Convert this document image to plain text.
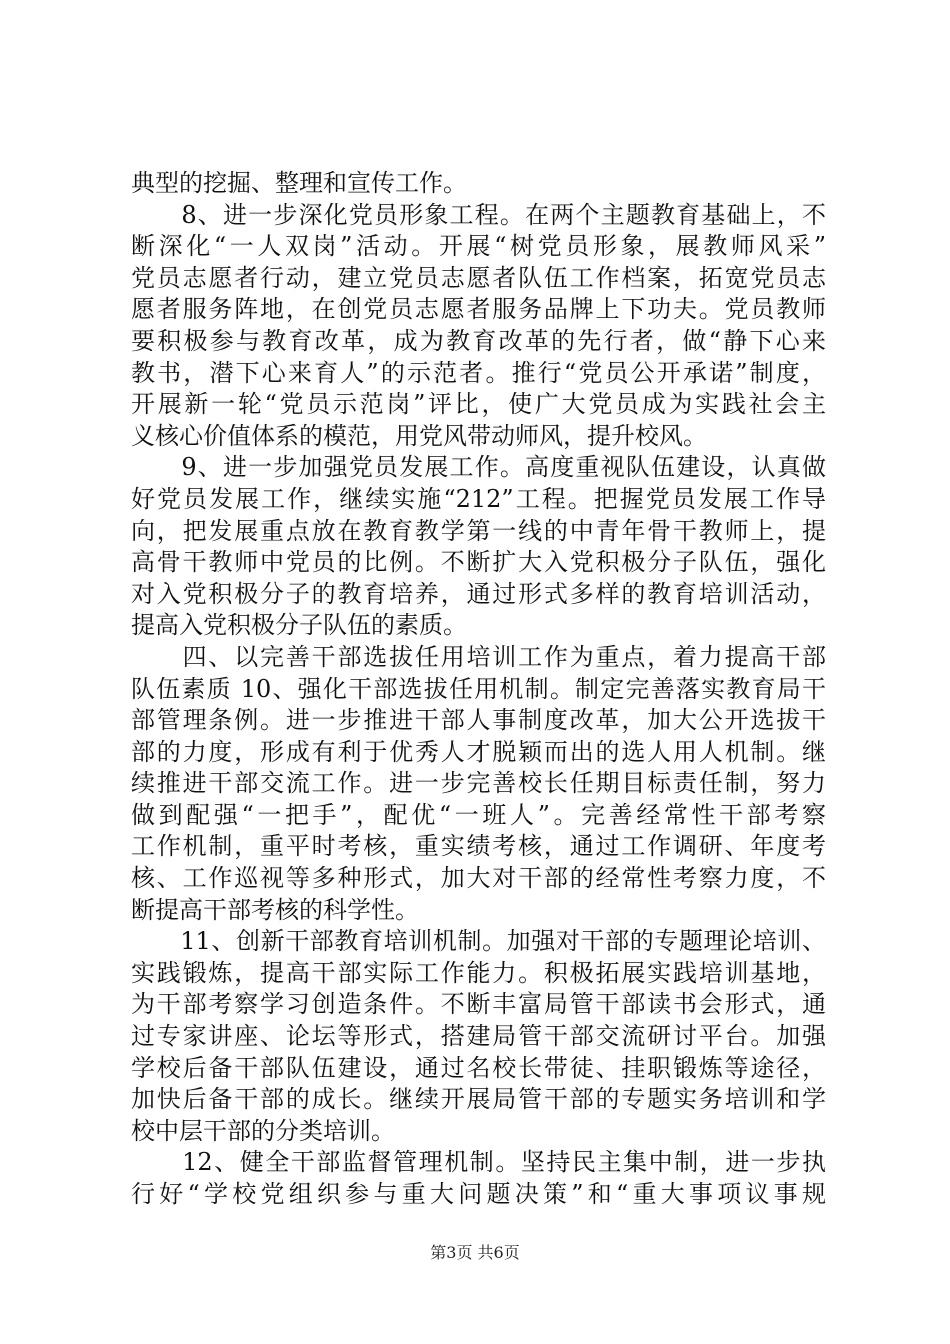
典型的挖掘、整理和宣传工作。
　　8、进一步深化党员形象工程。在两个主题教育基础上，不
断深化“一人双岗”活动。开展“树党员形象，展教师风采”
党员志愿者行动，建立党员志愿者队伍工作档案，拓宽党员志
愿者服务阵地，在创党员志愿者服务品牌上下功夫。党员教师
要积极参与教育改革，成为教育改革的先行者，做“静下心来
教书，潜下心来育人”的示范者。推行“党员公开承诺”制度，
开展新一轮“党员示范岗”评比，使广大党员成为实践社会主
义核心价值体系的模范，用党风带动师风，提升校风。
　　9、进一步加强党员发展工作。高度重视队伍建设，认真做
好党员发展工作，继续实施“212”工程。把握党员发展工作导
向，把发展重点放在教育教学第一线的中青年骨干教师上，提
高骨干教师中党员的比例。不断扩大入党积极分子队伍，强化
对入党积极分子的教育培养，通过形式多样的教育培训活动，
提高入党积极分子队伍的素质。
　　四、以完善干部选拔任用培训工作为重点，着力提高干部
队伍素质 10、强化干部选拔任用机制。制定完善落实教育局干
部管理条例。进一步推进干部人事制度改革，加大公开选拔干
部的力度，形成有利于优秀人才脱颖而出的选人用人机制。继
续推进干部交流工作。进一步完善校长任期目标责任制，努力
做到配强“一把手”，配优“一班人”。完善经常性干部考察
工作机制，重平时考核，重实绩考核，通过工作调研、年度考
核、工作巡视等多种形式，加大对干部的经常性考察力度，不
断提高干部考核的科学性。
　　11、创新干部教育培训机制。加强对干部的专题理论培训、
实践锻炼，提高干部实际工作能力。积极拓展实践培训基地，
为干部考察学习创造条件。不断丰富局管干部读书会形式，通
过专家讲座、论坛等形式，搭建局管干部交流研讨平台。加强
学校后备干部队伍建设，通过名校长带徒、挂职锻炼等途径，
加快后备干部的成长。继续开展局管干部的专题实务培训和学
校中层干部的分类培训。
　　12、健全干部监督管理机制。坚持民主集中制，进一步执
行好“学校党组织参与重大问题决策”和“重大事项议事规
第3页 共6页
